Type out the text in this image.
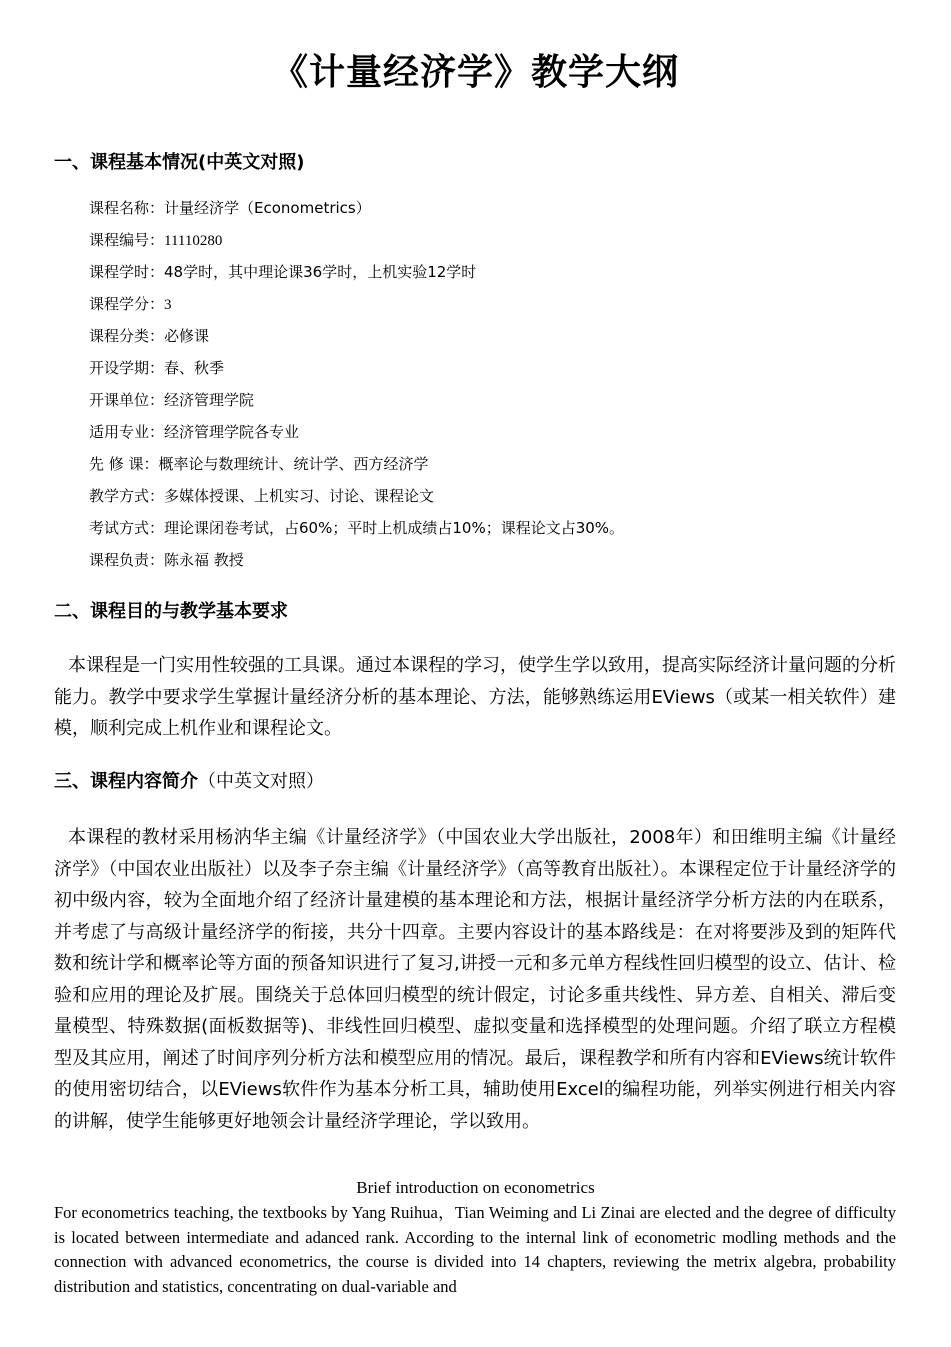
《计量经济学》教学大纲
一、课程基本情况(中英文对照)
课程名称：计量经济学（Econometrics）
课程编号：11110280
课程学时：48学时，其中理论课36学时，上机实验12学时
课程学分：3
课程分类：必修课
开设学期：春、秋季
开课单位：经济管理学院
适用专业：经济管理学院各专业
先 修 课：概率论与数理统计、统计学、西方经济学
教学方式：多媒体授课、上机实习、讨论、课程论文
考试方式：理论课闭卷考试，占60%；平时上机成绩占10%；课程论文占30%。
课程负责：陈永福 教授
二、课程目的与教学基本要求

本课程是一门实用性较强的工具课。通过本课程的学习，使学生学以致用，提高实际经济计量问题的分析能力。教学中要求学生掌握计量经济分析的基本理论、方法，能够熟练运用EViews（或某一相关软件）建模，顺利完成上机作业和课程论文。

三、课程内容简介（中英文对照）

本课程的教材采用杨汭华主编《计量经济学》（中国农业大学出版社，2008年）和田维明主编《计量经济学》（中国农业出版社）以及李子奈主编《计量经济学》（高等教育出版社）。本课程定位于计量经济学的初中级内容，较为全面地介绍了经济计量建模的基本理论和方法，根据计量经济学分析方法的内在联系，并考虑了与高级计量经济学的衔接，共分十四章。主要内容设计的基本路线是：在对将要涉及到的矩阵代数和统计学和概率论等方面的预备知识进行了复习,讲授一元和多元单方程线性回归模型的设立、估计、检验和应用的理论及扩展。围绕关于总体回归模型的统计假定，讨论多重共线性、异方差、自相关、滞后变量模型、特殊数据(面板数据等)、非线性回归模型、虚拟变量和选择模型的处理问题。介绍了联立方程模型及其应用，阐述了时间序列分析方法和模型应用的情况。最后，课程教学和所有内容和EViews统计软件的使用密切结合，以EViews软件作为基本分析工具，辅助使用Excel的编程功能，列举实例进行相关内容的讲解，使学生能够更好地领会计量经济学理论，学以致用。

Brief introduction on econometrics

For econometrics teaching, the textbooks by Yang Ruihua，Tian Weiming and Li Zinai are elected and the degree of difficulty is located between intermediate and adanced rank. According to the internal link of econometric modling methods and the connection with advanced econometrics, the course is divided into 14 chapters, reviewing the metrix algebra, probability distribution and statistics, concentrating on dual-variable and
